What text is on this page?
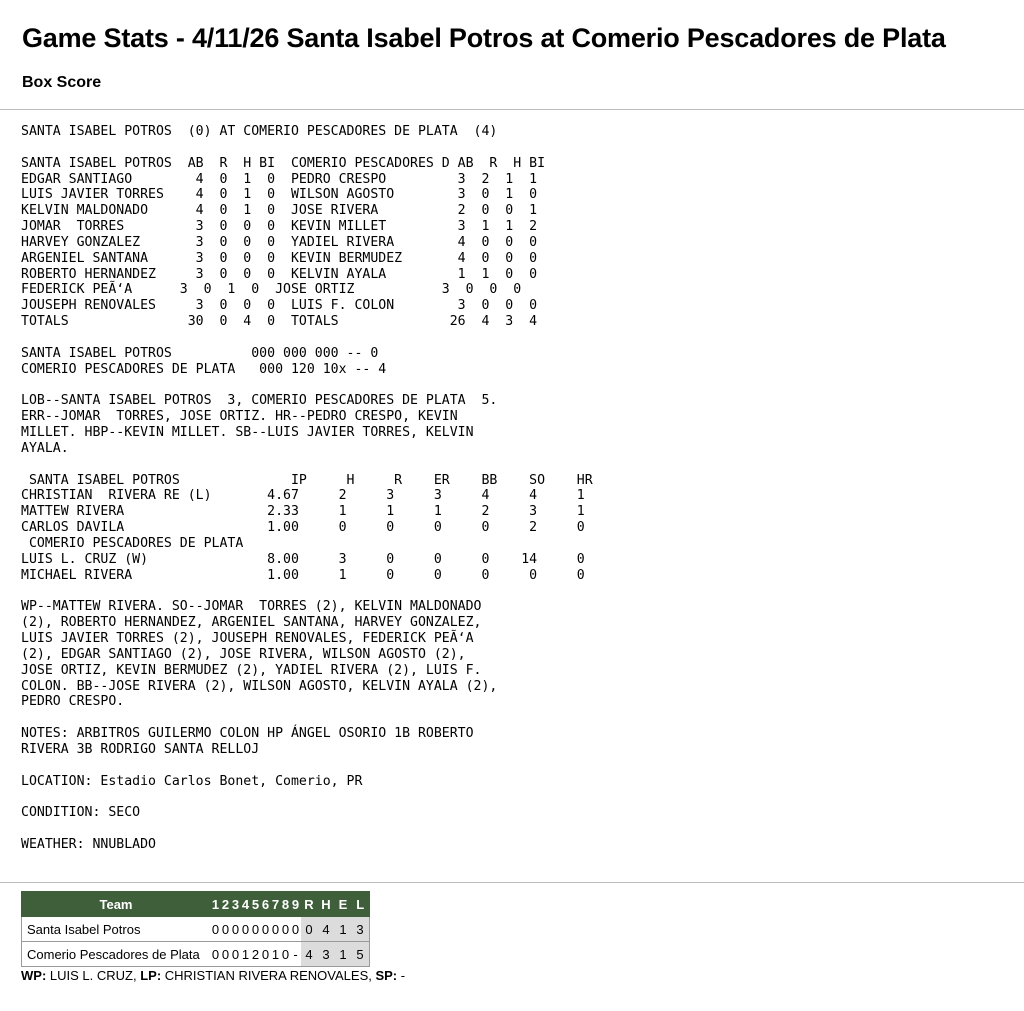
Game Stats - 4/11/26 Santa Isabel Potros at Comerio Pescadores de Plata
Box Score
SANTA ISABEL POTROS  (0) AT COMERIO PESCADORES DE PLATA  (4)

SANTA ISABEL POTROS  AB  R  H BI  COMERIO PESCADORES D AB  R  H BI
EDGAR SANTIAGO        4  0  1  0  PEDRO CRESPO         3  2  1  1
LUIS JAVIER TORRES    4  0  1  0  WILSON AGOSTO        3  0  1  0
KELVIN MALDONADO      4  0  1  0  JOSE RIVERA          2  0  0  1
JOMAR  TORRES         3  0  0  0  KEVIN MILLET         3  1  1  2
HARVEY GONZALEZ       3  0  0  0  YADIEL RIVERA        4  0  0  0
ARGENIEL SANTANA      3  0  0  0  KEVIN BERMUDEZ       4  0  0  0
ROBERTO HERNANDEZ     3  0  0  0  KELVIN AYALA         1  1  0  0
FEDERICK PEÃ‘A      3  0  1  0  JOSE ORTIZ           3  0  0  0
JOUSEPH RENOVALES     3  0  0  0  LUIS F. COLON        3  0  0  0
TOTALS               30  0  4  0  TOTALS              26  4  3  4

SANTA ISABEL POTROS          000 000 000 -- 0
COMERIO PESCADORES DE PLATA   000 120 10x -- 4

LOB--SANTA ISABEL POTROS  3, COMERIO PESCADORES DE PLATA  5.
ERR--JOMAR  TORRES, JOSE ORTIZ. HR--PEDRO CRESPO, KEVIN
MILLET. HBP--KEVIN MILLET. SB--LUIS JAVIER TORRES, KELVIN
AYALA.

SANTA ISABEL POTROS              IP     H     R    ER    BB    SO    HR
CHRISTIAN  RIVERA RE (L)       4.67     2     3     3     4     4     1
MATTEW RIVERA                  2.33     1     1     1     2     3     1
CARLOS DAVILA                  1.00     0     0     0     0     2     0
COMERIO PESCADORES DE PLATA
LUIS L. CRUZ (W)               8.00     3     0     0     0    14     0
MICHAEL RIVERA                 1.00     1     0     0     0     0     0

WP--MATTEW RIVERA. SO--JOMAR  TORRES (2), KELVIN MALDONADO
(2), ROBERTO HERNANDEZ, ARGENIEL SANTANA, HARVEY GONZALEZ,
LUIS JAVIER TORRES (2), JOUSEPH RENOVALES, FEDERICK PEÃ‘A
(2), EDGAR SANTIAGO (2), JOSE RIVERA, WILSON AGOSTO (2),
JOSE ORTIZ, KEVIN BERMUDEZ (2), YADIEL RIVERA (2), LUIS F.
COLON. BB--JOSE RIVERA (2), WILSON AGOSTO, KELVIN AYALA (2),
PEDRO CRESPO.

NOTES: ARBITROS GUILERMO COLON HP ÁNGEL OSORIO 1B ROBERTO
RIVERA 3B RODRIGO SANTA RELLOJ

LOCATION: Estadio Carlos Bonet, Comerio, PR

CONDITION: SECO

WEATHER: NNUBLADO
Team	1	2	3	4	5	6	7	8	9	R	H	E	L
Santa Isabel Potros	0	0	0	0	0	0	0	0	0	0	4	1	3
Comerio Pescadores de Plata	0	0	0	1	2	0	1	0	-	4	3	1	5

WP: LUIS L. CRUZ, LP: CHRISTIAN RIVERA RENOVALES, SP: -
